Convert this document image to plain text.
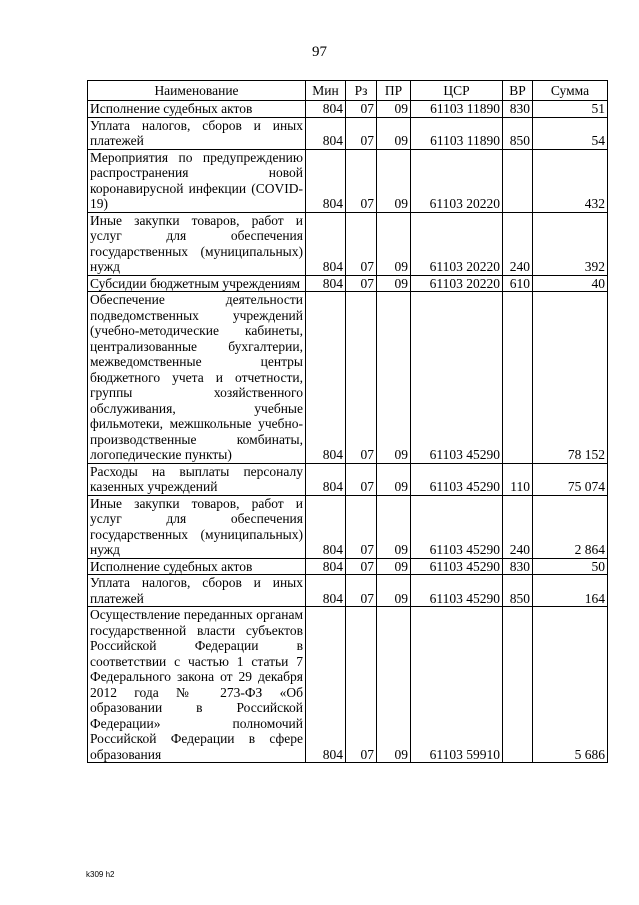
97
Наименование	Мин	Рз	ПР	ЦСР	ВР	Сумма
Исполнение судебных актов	804	07	09	61103 11890	830	51
Уплата налогов, сборов и иных платежей	804	07	09	61103 11890	850	54
Мероприятия по предупреждению распространения новой коронавирусной инфекции (COVID-19)	804	07	09	61103 20220		432
Иные закупки товаров, работ и услуг для обеспечения государственных (муниципальных) нужд	804	07	09	61103 20220	240	392
Субсидии бюджетным учреждениям	804	07	09	61103 20220	610	40
Обеспечение деятельности подведомственных учреждений (учебно-методические кабинеты, централизованные бухгалтерии, межведомственные центры бюджетного учета и отчетности, группы хозяйственного обслуживания, учебные фильмотеки, межшкольные учебно-производственные комбинаты, логопедические пункты)	804	07	09	61103 45290		78 152
Расходы на выплаты персоналу казенных учреждений	804	07	09	61103 45290	110	75 074
Иные закупки товаров, работ и услуг для обеспечения государственных (муниципальных) нужд	804	07	09	61103 45290	240	2 864
Исполнение судебных актов	804	07	09	61103 45290	830	50
Уплата налогов, сборов и иных платежей	804	07	09	61103 45290	850	164
Осуществление переданных органам государственной власти субъектов Российской Федерации в соответствии с частью 1 статьи 7 Федерального закона от 29 декабря 2012 года № 273-ФЗ «Об образовании в Российской Федерации» полномочий Российской Федерации в сфере образования	804	07	09	61103 59910		5 686
k309 h2
